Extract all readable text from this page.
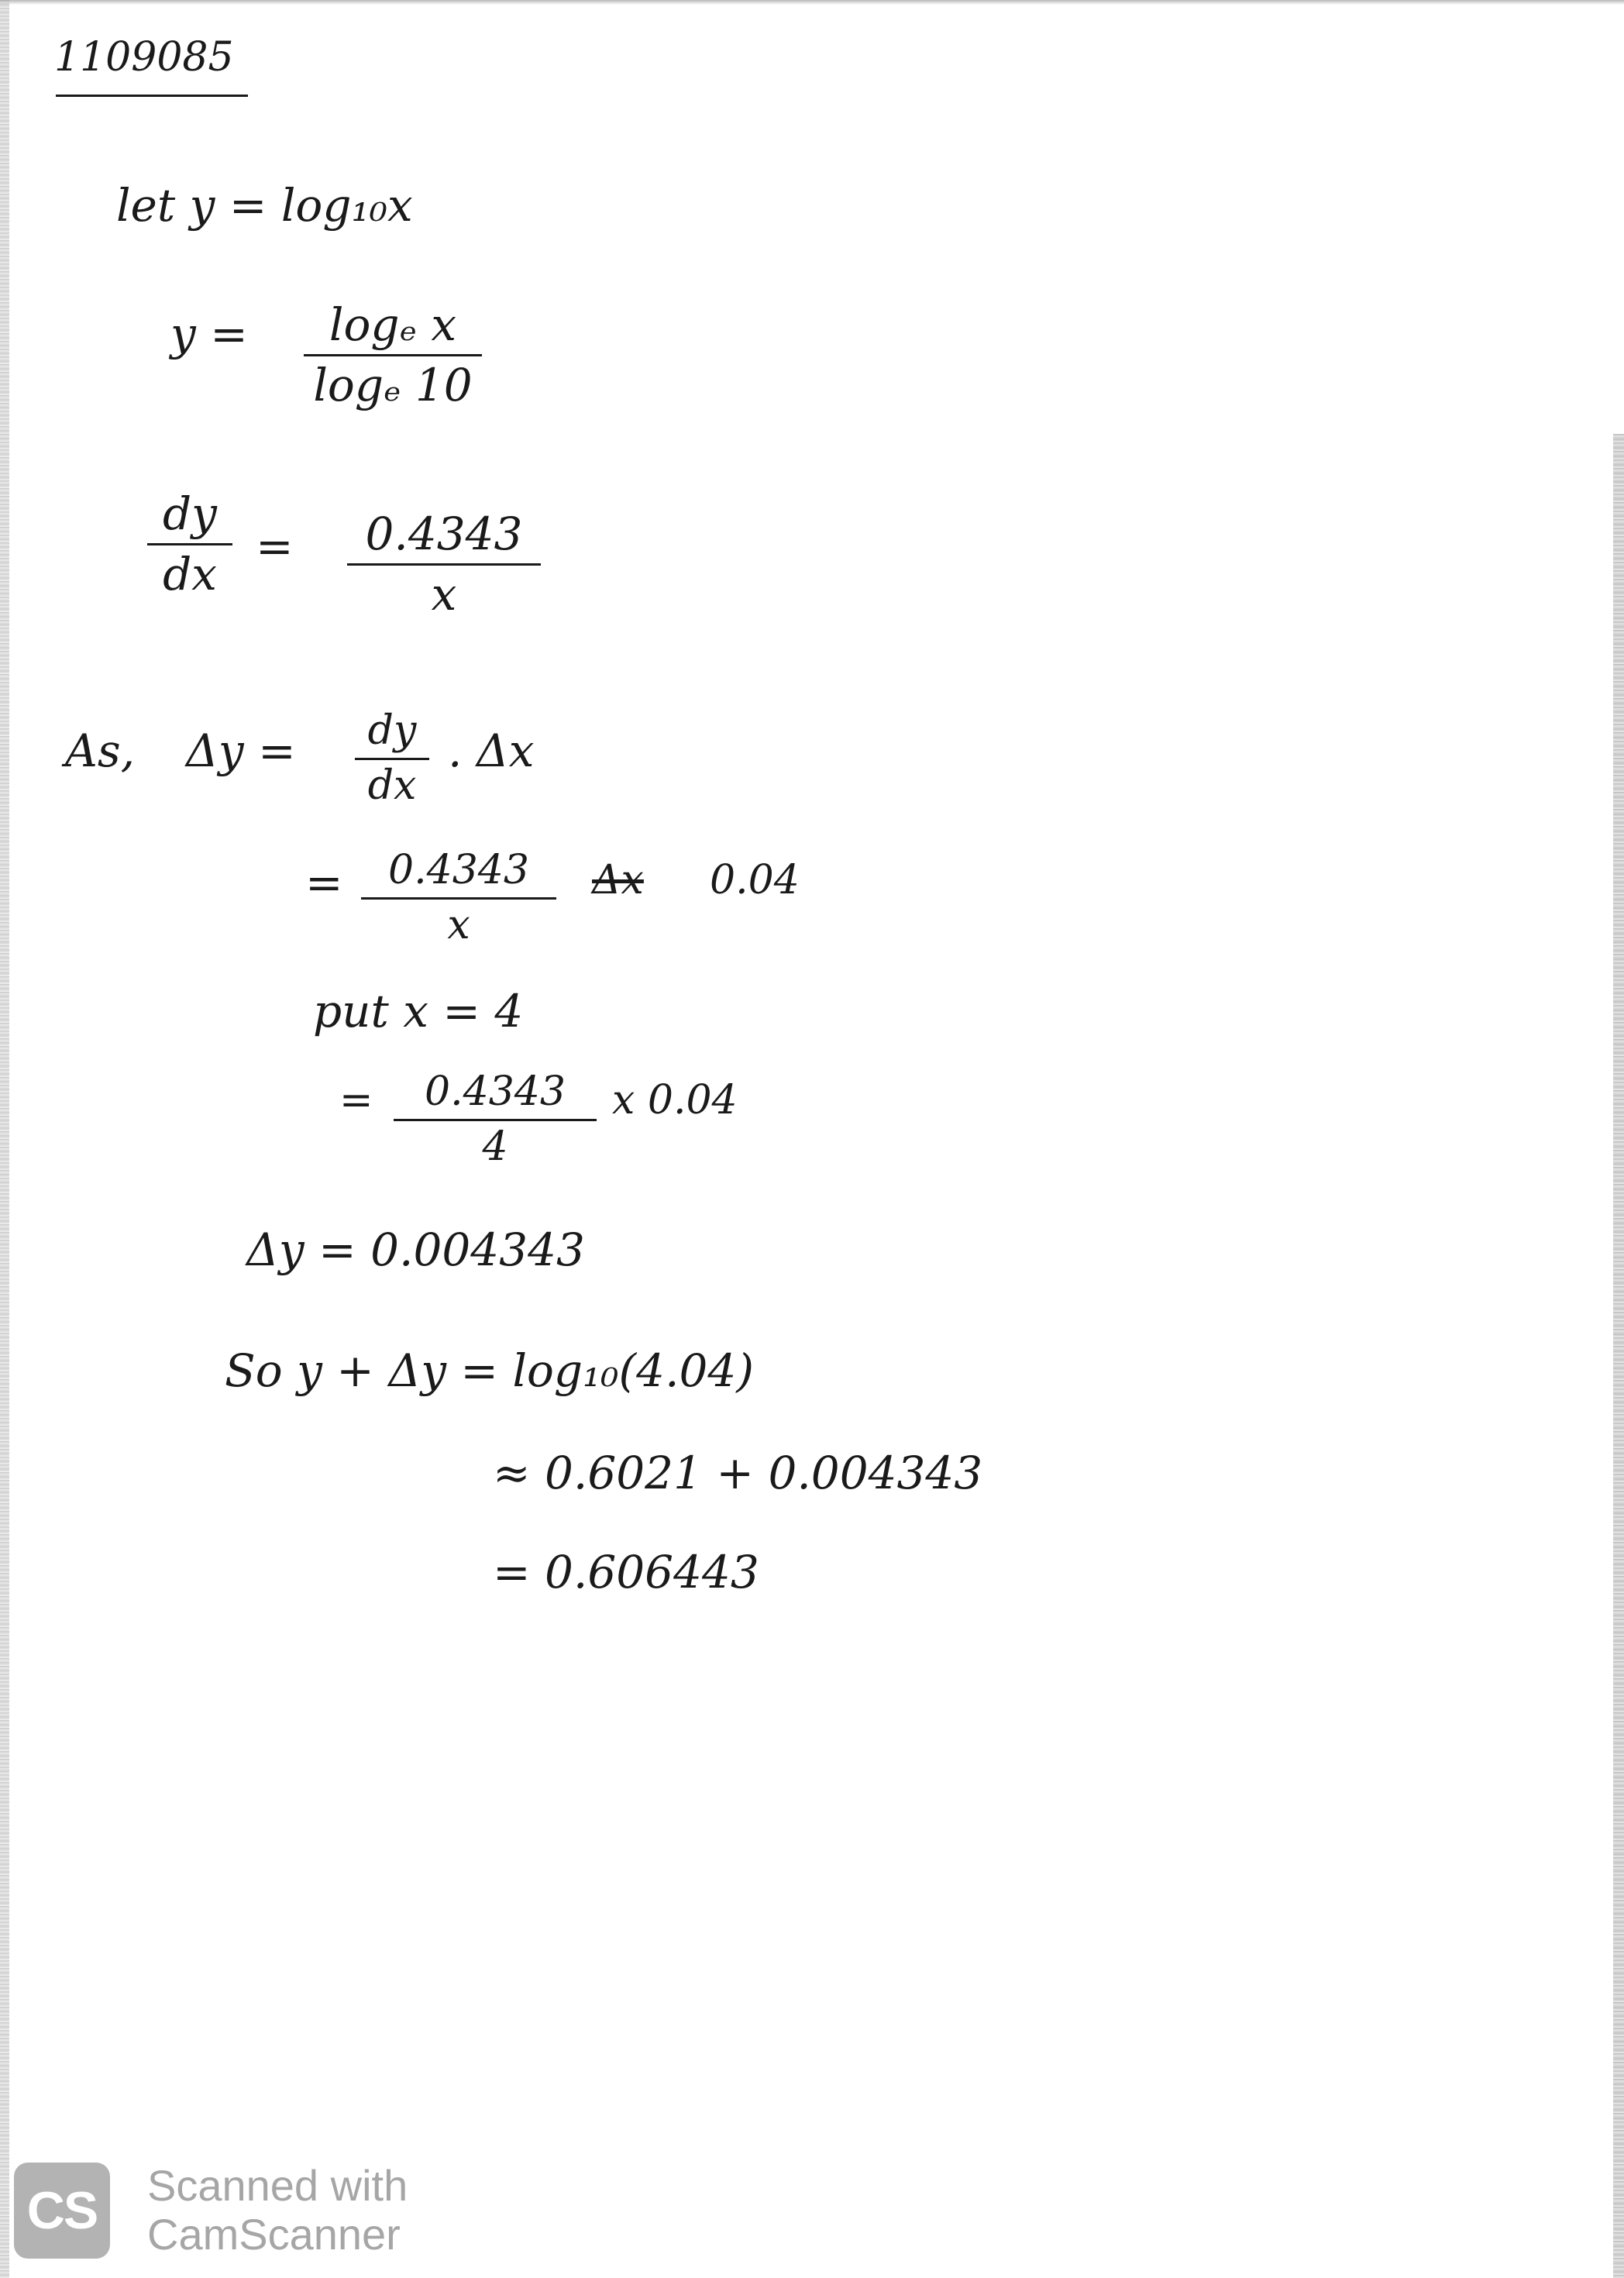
1109085
let y = log₁₀x
y = logₑ x
logₑ 10
dy
dx
= 0.4343
x
As, Δy = dy
dx
. Δx
= 0.4343
x
Δx 0.04
put x = 4
= 0.4343
4
x 0.04
Δy = 0.004343
So y + Δy = log₁₀(4.04)
≈ 0.6021 + 0.004343
= 0.606443
CS Scanned with
CamScanner
